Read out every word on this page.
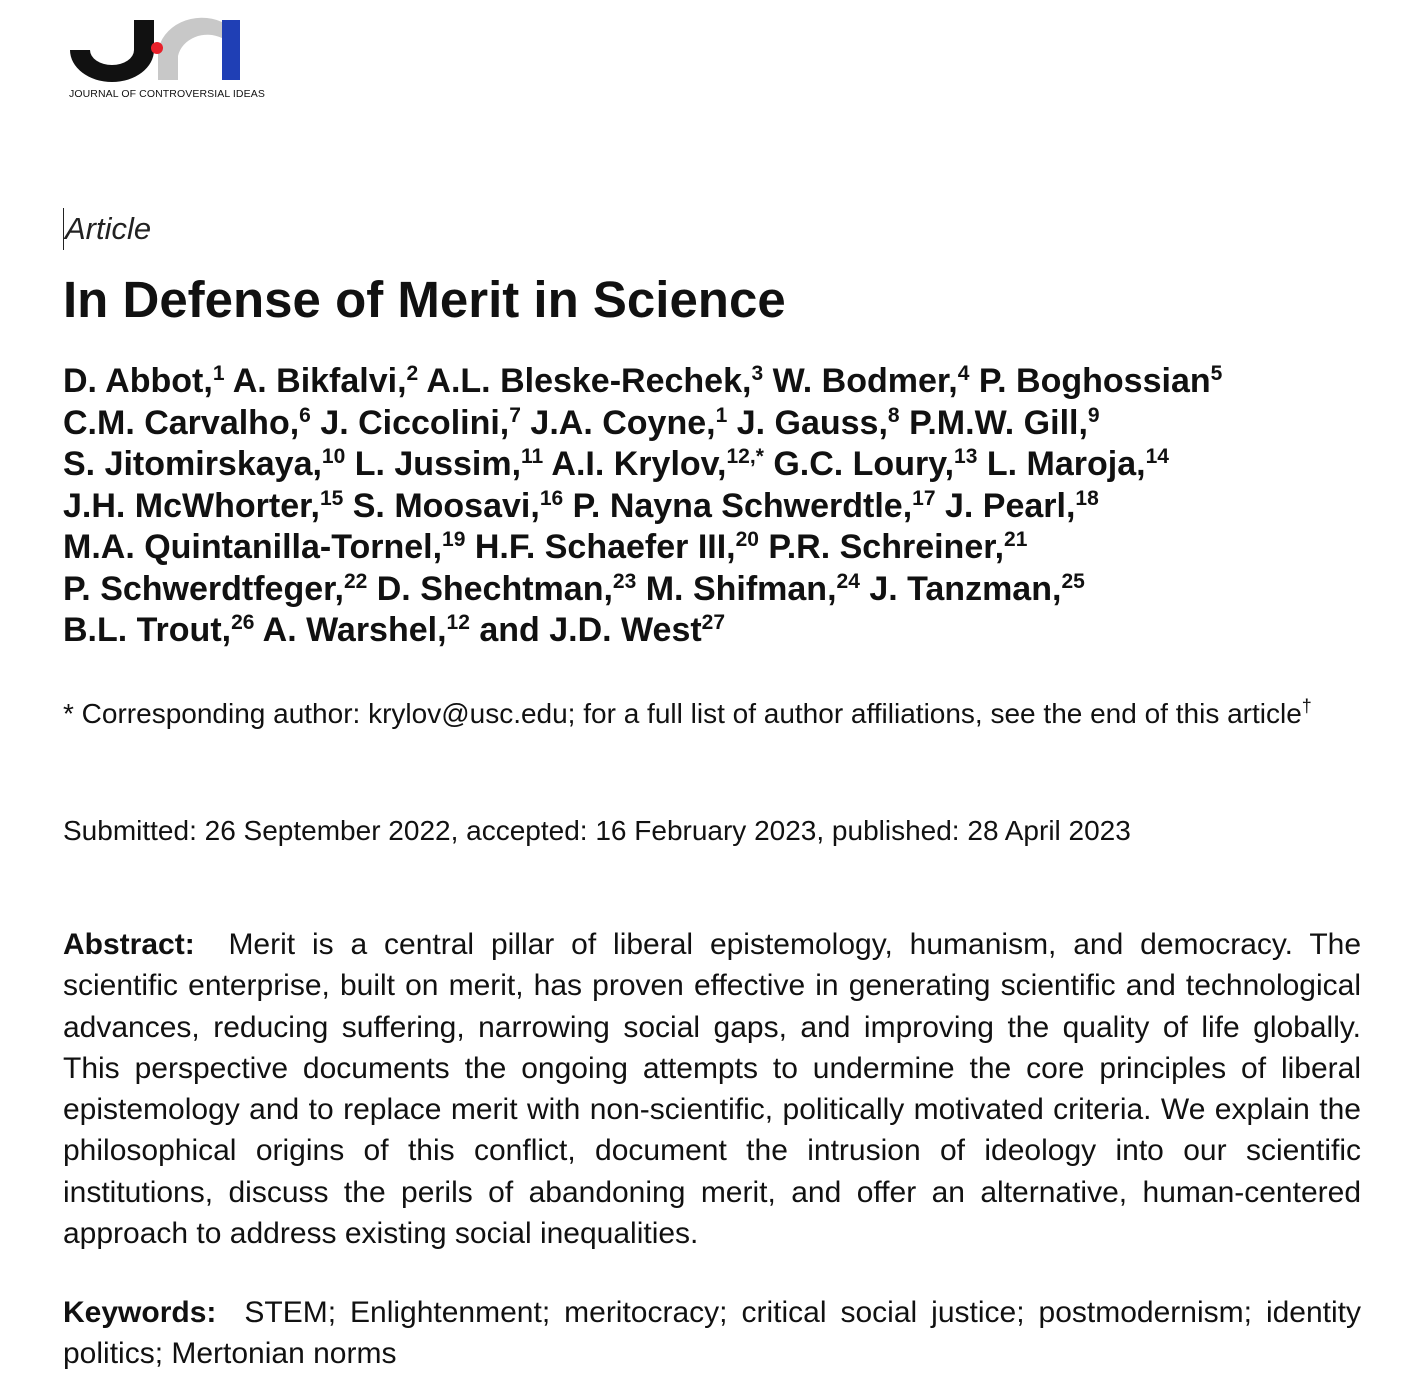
JOURNAL OF CONTROVERSIAL IDEAS
Article
In Defense of Merit in Science
D. Abbot,$^1$ A. Bikfalvi,$^2$ A.L. Bleske-Rechek,$^3$ W. Bodmer,$^4$ P. Boghossian$^5$
C.M. Carvalho,$^6$ J. Ciccolini,$^7$ J.A. Coyne,$^1$ J. Gauss,$^8$ P.M.W. Gill,$^9$
S. Jitomirskaya,$^{10}$ L. Jussim,$^{11}$ A.I. Krylov,$^{12,*}$ G.C. Loury,$^{13}$ L. Maroja,$^{14}$
J.H. McWhorter,$^{15}$ S. Moosavi,$^{16}$ P. Nayna Schwerdtle,$^{17}$ J. Pearl,$^{18}$
M.A. Quintanilla-Tornel,$^{19}$ H.F. Schaefer III,$^{20}$ P.R. Schreiner,$^{21}$
P. Schwerdtfeger,$^{22}$ D. Shechtman,$^{23}$ M. Shifman,$^{24}$ J. Tanzman,$^{25}$
B.L. Trout,$^{26}$ A. Warshel,$^{12}$ and J.D. West$^{27}$
* Corresponding author: krylov@usc.edu; for a full list of author affiliations, see the end of this article†
Submitted: 26 September 2022, accepted: 16 February 2023, published: 28 April 2023
Abstract: Merit is a central pillar of liberal epistemology, humanism, and democracy. The scientific enterprise, built on merit, has proven effective in generating scientific and technological advances, reducing suffering, narrowing social gaps, and improving the quality of life globally. This perspective documents the ongoing attempts to undermine the core principles of liberal epistemology and to replace merit with non-scientific, politically motivated criteria. We explain the philosophical origins of this conflict, document the intrusion of ideology into our scientific institutions, discuss the perils of abandoning merit, and offer an alternative, human-centered approach to address existing social inequalities.
Keywords: STEM; Enlightenment; meritocracy; critical social justice; postmodernism; identity politics; Mertonian norms
